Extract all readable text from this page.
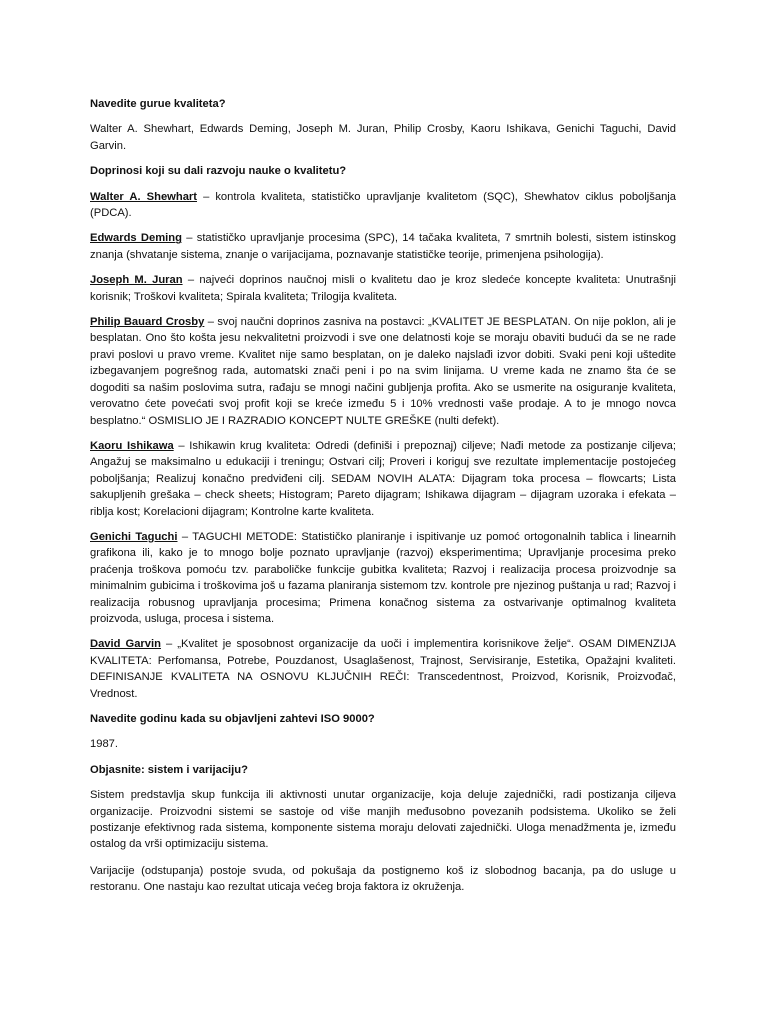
Navedite gurue kvaliteta?

Walter A. Shewhart, Edwards Deming, Joseph M. Juran, Philip Crosby, Kaoru Ishikava, Genichi Taguchi, David Garvin.

Doprinosi koji su dali razvoju nauke o kvalitetu?

Walter A. Shewhart – kontrola kvaliteta, statističko upravljanje kvalitetom (SQC), Shewhatov ciklus poboljšanja (PDCA).

Edwards Deming – statističko upravljanje procesima (SPC), 14 tačaka kvaliteta, 7 smrtnih bolesti, sistem istinskog znanja (shvatanje sistema, znanje o varijacijama, poznavanje statističke teorije, primenjena psihologija).

Joseph M. Juran – najveći doprinos naučnoj misli o kvalitetu dao je kroz sledeće koncepte kvaliteta: Unutrašnji korisnik; Troškovi kvaliteta; Spirala kvaliteta; Trilogija kvaliteta.

Philip Bauard Crosby – svoj naučni doprinos zasniva na postavci: „KVALITET JE BESPLATAN. On nije poklon, ali je besplatan. Ono što košta jesu nekvalitetni proizvodi i sve one delatnosti koje se moraju obaviti budući da se ne rade pravi poslovi u pravo vreme. Kvalitet nije samo besplatan, on je daleko najslađi izvor dobiti. Svaki peni koji uštedite izbegavanjem pogrešnog rada, automatski znači peni i po na svim linijama. U vreme kada ne znamo šta će se dogoditi sa našim poslovima sutra, rađaju se mnogi načini gubljenja profita. Ako se usmerite na osiguranje kvaliteta, verovatno ćete povećati svoj profit koji se kreće između 5 i 10% vrednosti vaše prodaje. A to je mnogo novca besplatno.“ OSMISLIO JE I RAZRADIO KONCEPT NULTE GREŠKE (nulti defekt).

Kaoru Ishikawa – Ishikawin krug kvaliteta: Odredi (definiši i prepoznaj) ciljeve; Nađi metode za postizanje ciljeva; Angažuj se maksimalno u edukaciji i treningu; Ostvari cilj; Proveri i koriguj sve rezultate implementacije postojećeg poboljšanja; Realizuj konačno predviđeni cilj. SEDAM NOVIH ALATA: Dijagram toka procesa – flowcarts; Lista sakupljenih grešaka – check sheets; Histogram; Pareto dijagram; Ishikawa dijagram – dijagram uzoraka i efekata – riblja kost; Korelacioni dijagram; Kontrolne karte kvaliteta.

Genichi Taguchi – TAGUCHI METODE: Statističko planiranje i ispitivanje uz pomoć ortogonalnih tablica i linearnih grafikona ili, kako je to mnogo bolje poznato upravljanje (razvoj) eksperimentima; Upravljanje procesima preko praćenja troškova pomoću tzv. paraboličke funkcije gubitka kvaliteta; Razvoj i realizacija procesa proizvodnje sa minimalnim gubicima i troškovima još u fazama planiranja sistemom tzv. kontrole pre njezinog puštanja u rad; Razvoj i realizacija robusnog upravljanja procesima; Primena konačnog sistema za ostvarivanje optimalnog kvaliteta proizvoda, usluga, procesa i sistema.

David Garvin – „Kvalitet je sposobnost organizacije da uoči i implementira korisnikove želje“. OSAM DIMENZIJA KVALITETA: Perfomansa, Potrebe, Pouzdanost, Usaglašenost, Trajnost, Servisiranje, Estetika, Opažajni kvaliteti. DEFINISANJE KVALITETA NA OSNOVU KLJUČNIH REČI: Transcedentnost, Proizvod, Korisnik, Proizvođač, Vrednost.

Navedite godinu kada su objavljeni zahtevi ISO 9000?

1987.

Objasnite: sistem i varijaciju?

Sistem predstavlja skup funkcija ili aktivnosti unutar organizacije, koja deluje zajednički, radi postizanja ciljeva organizacije. Proizvodni sistemi se sastoje od više manjih međusobno povezanih podsistema. Ukoliko se želi postizanje efektivnog rada sistema, komponente sistema moraju delovati zajednički. Uloga menadžmenta je, između ostalog da vrši optimizaciju sistema.

Varijacije (odstupanja) postoje svuda, od pokušaja da postignemo koš iz slobodnog bacanja, pa do usluge u restoranu. One nastaju kao rezultat uticaja većeg broja faktora iz okruženja.
